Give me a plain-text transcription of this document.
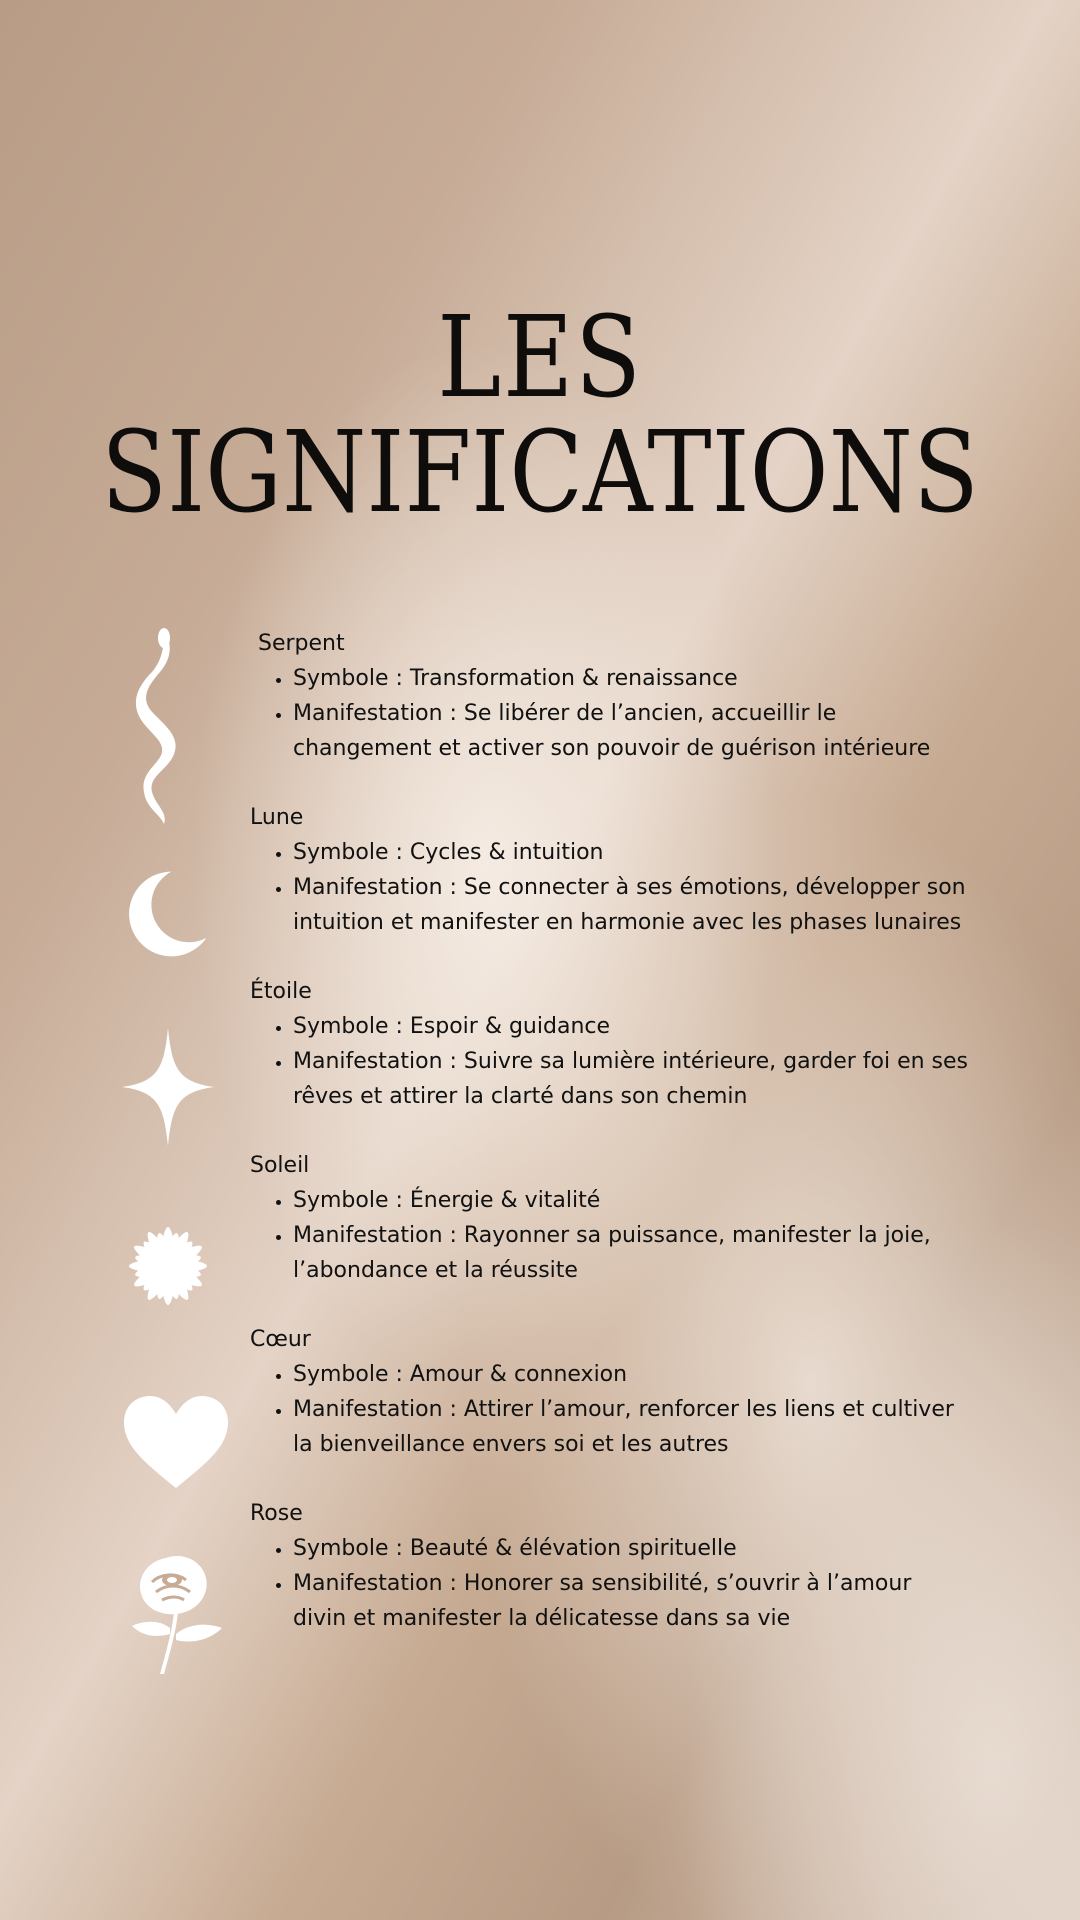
LES
SIGNIFICATIONS
Serpent
• Symbole : Transformation & renaissance
• Manifestation : Se libérer de l’ancien, accueillir le changement et activer son pouvoir de guérison intérieure
Lune
• Symbole : Cycles & intuition
• Manifestation : Se connecter à ses émotions, développer son intuition et manifester en harmonie avec les phases lunaires
Étoile
• Symbole : Espoir & guidance
• Manifestation : Suivre sa lumière intérieure, garder foi en ses rêves et attirer la clarté dans son chemin
Soleil
• Symbole : Énergie & vitalité
• Manifestation : Rayonner sa puissance, manifester la joie, l’abondance et la réussite
Cœur
• Symbole : Amour & connexion
• Manifestation : Attirer l’amour, renforcer les liens et cultiver la bienveillance envers soi et les autres
Rose
• Symbole : Beauté & élévation spirituelle
• Manifestation : Honorer sa sensibilité, s’ouvrir à l’amour divin et manifester la délicatesse dans sa vie
